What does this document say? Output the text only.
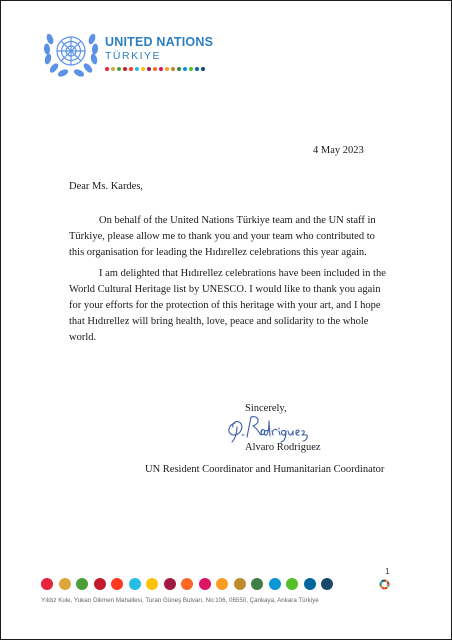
UNITED NATIONS
TÜRKIYE
4 May 2023
Dear Ms. Kardes,

On behalf of the United Nations Türkiye team and the UN staff in Türkiye, please allow me to thank you and your team who contributed to this organisation for leading the Hıdırellez celebrations this year again.

I am delighted that Hıdırellez celebrations have been included in the World Cultural Heritage list by UNESCO. I would like to thank you again for your efforts for the protection of this heritage with your art, and I hope that Hıdırellez will bring health, love, peace and solidarity to the whole world.

Sincerely,
Alvaro Rodriguez
UN Resident Coordinator and Humanitarian Coordinator
1
Yıldız Kule, Yukarı Dikmen Mahallesi, Turan Güneş Bulvarı, No:106, 06550, Çankaya, Ankara Türkiye
